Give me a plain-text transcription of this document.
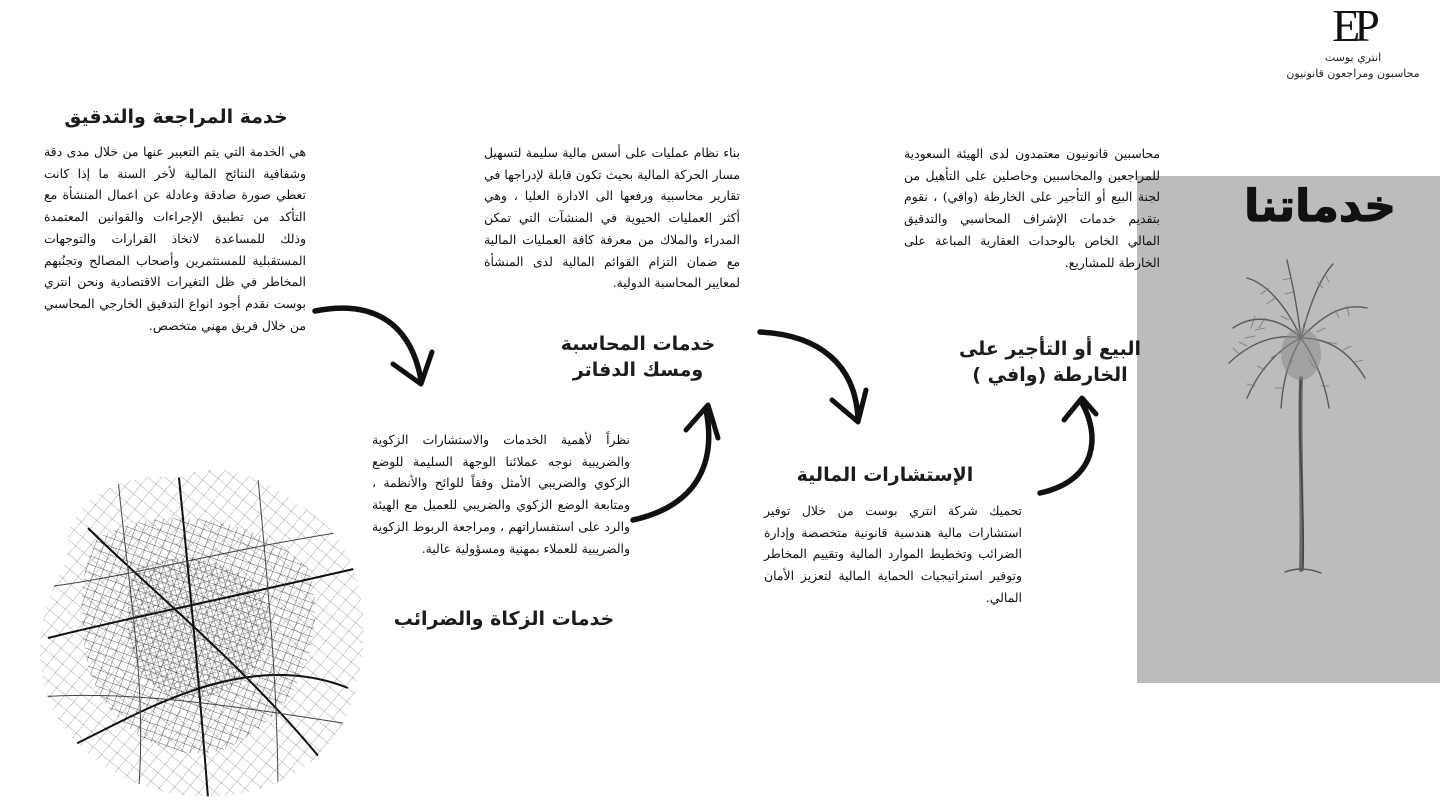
EP
انتري بوست
محاسبون ومراجعون قانونيون
خدماتنا
خدمة المراجعة والتدقيق
هي الخدمة التي يتم التعبير عنها من خلال مدى دقة وشفافية النتائج المالية لأخر السنة ما إذا كانت تعطي صورة صادقة وعادلة عن اعمال المنشأة مع التأكد من تطبيق الإجراءات والقوانين المعتمدة وذلك للمساعدة لاتخاذ القرارات والتوجهات المستقبلية للمستثمرين وأصحاب المصالح وتجنُبهم المخاطر في ظل التغيرات الاقتصادية ونحن انتري بوست نقدم أجود انواع التدقيق الخارجي المحاسبي من خلال فريق مهني متخصص.
بناء نظام عمليات على أسس مالية سليمة لتسهيل مسار الحركة المالية بحيث تكون قابلة لإدراجها في تقارير محاسبية ورفعها الى الادارة العليا ، وهي أكثر العمليات الحيوية في المنشآت التي تمكن المدراء والملاك من معرفة كافة العمليات المالية مع ضمان التزام القوائم المالية لدى المنشأة لمعايير المحاسبة الدولية.
خدمات المحاسبة
ومسك الدفاتر
محاسبين قانونيون معتمدون لدى الهيئة السعودية للمراجعين والمحاسبين وحاصلين على التأهيل من لجنة البيع أو التأجير على الخارطة (وافي) ، نقوم بتقديم خدمات الإشراف المحاسبي والتدقيق المالي الخاص بالوحدات العقارية المباعة على الخارطة للمشاريع.
البيع أو التأجير على
الخارطة (وافي )
نظراً لأهمية الخدمات والاستشارات الزكوية والضريبية نوجه عملائنا الوجهة السليمة للوضع الزكوي والضريبي الأمثل وفقاً للوائح والأنظمة ، ومتابعة الوضع الزكوي والضريبي للعميل مع الهيئة والرد على استفساراتهم ، ومراجعة الربوط الزكوية والضريبية للعملاء بمهنية ومسؤولية عالية.
خدمات الزكاة والضرائب
الإستشارات المالية
تحميك شركة انتري بوست من خلال توفير استشارات مالية هندسية قانونية متخصصة وإدارة الضرائب وتخطيط الموارد المالية وتقييم المخاطر وتوفير استراتيجيات الحماية المالية لتعزيز الأمان المالي.
